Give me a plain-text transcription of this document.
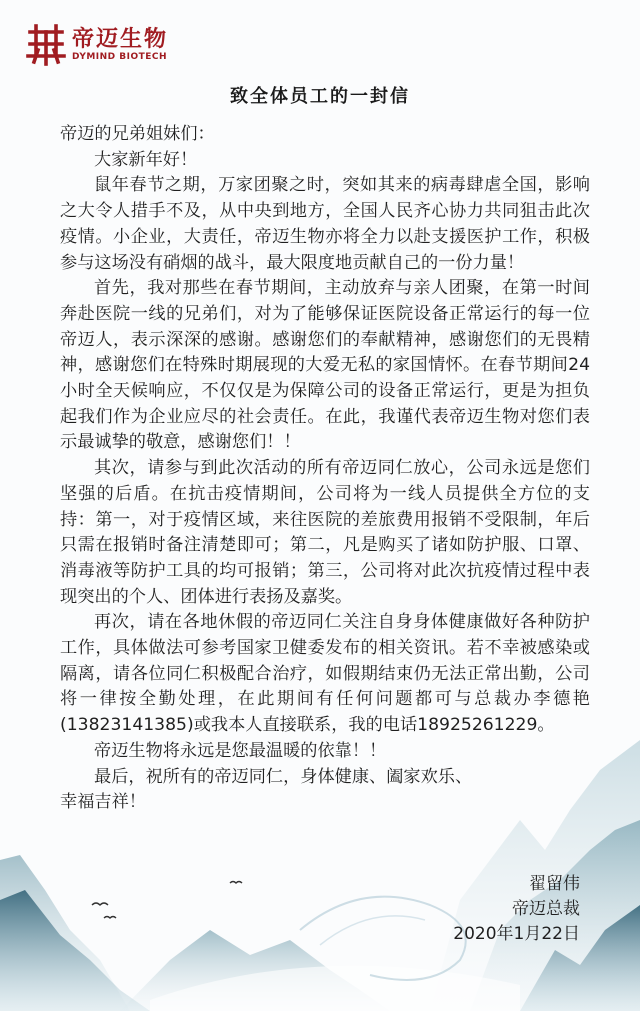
帝迈生物
DYMIND BIOTECH
致全体员工的一封信

帝迈的兄弟姐妹们：

大家新年好！

鼠年春节之期，万家团聚之时，突如其来的病毒肆虐全国，影响之大令人措手不及，从中央到地方，全国人民齐心协力共同狙击此次疫情。小企业，大责任，帝迈生物亦将全力以赴支援医护工作，积极参与这场没有硝烟的战斗，最大限度地贡献自己的一份力量！

首先，我对那些在春节期间，主动放弃与亲人团聚，在第一时间奔赴医院一线的兄弟们，对为了能够保证医院设备正常运行的每一位帝迈人，表示深深的感谢。感谢您们的奉献精神，感谢您们的无畏精神，感谢您们在特殊时期展现的大爱无私的家国情怀。在春节期间24小时全天候响应，不仅仅是为保障公司的设备正常运行，更是为担负起我们作为企业应尽的社会责任。在此，我谨代表帝迈生物对您们表示最诚挚的敬意，感谢您们！！

其次，请参与到此次活动的所有帝迈同仁放心，公司永远是您们坚强的后盾。在抗击疫情期间，公司将为一线人员提供全方位的支持：第一，对于疫情区域，来往医院的差旅费用报销不受限制，年后只需在报销时备注清楚即可；第二，凡是购买了诸如防护服、口罩、消毒液等防护工具的均可报销；第三，公司将对此次抗疫情过程中表现突出的个人、团体进行表扬及嘉奖。

再次，请在各地休假的帝迈同仁关注自身身体健康做好各种防护工作，具体做法可参考国家卫健委发布的相关资讯。若不幸被感染或隔离，请各位同仁积极配合治疗，如假期结束仍无法正常出勤，公司将一律按全勤处理，在此期间有任何问题都可与总裁办李德艳(13823141385)或我本人直接联系，我的电话18925261229。

帝迈生物将永远是您最温暖的依靠！！

最后，祝所有的帝迈同仁，身体健康、阖家欢乐、

幸福吉祥！

翟留伟
帝迈总裁
2020年1月22日
